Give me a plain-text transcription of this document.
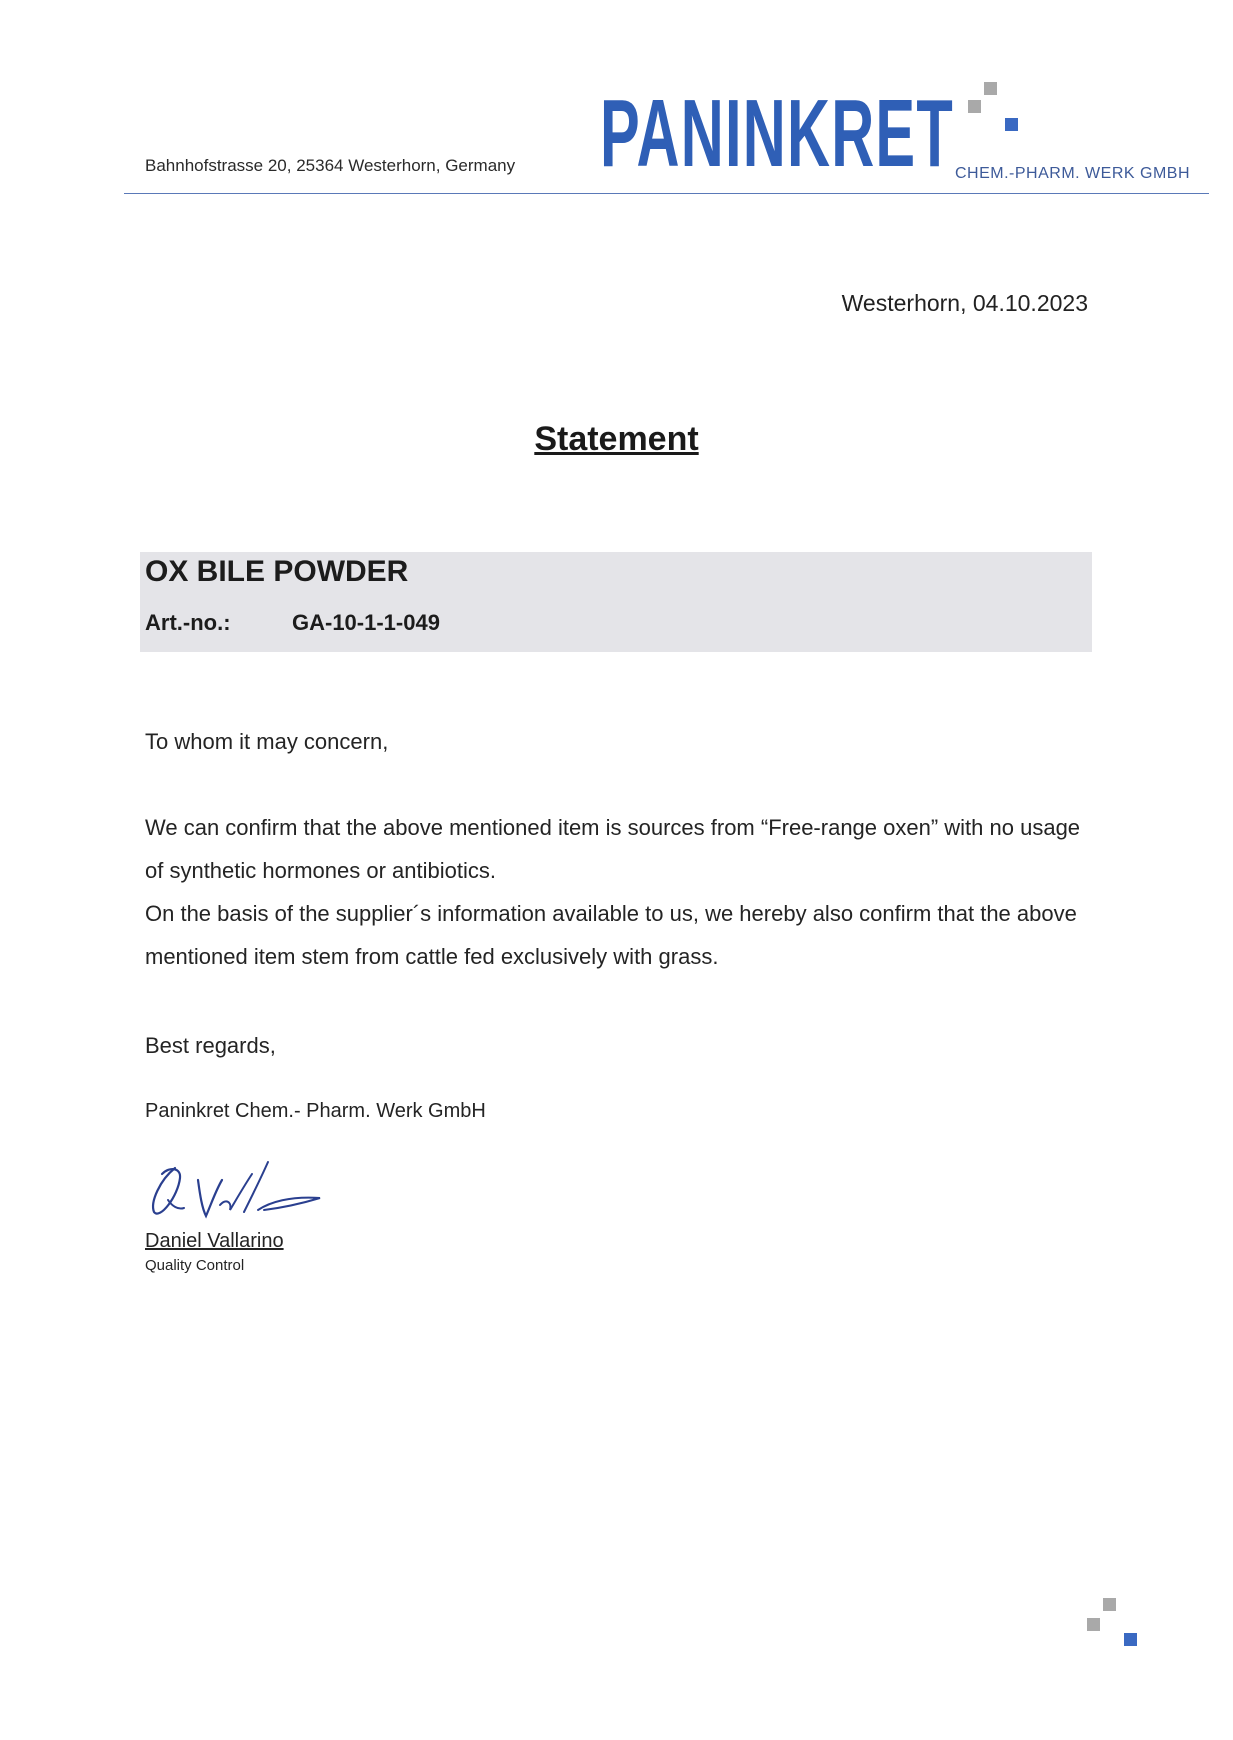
Bahnhofstrasse 20, 25364 Westerhorn, Germany PANINKRET CHEM.-PHARM. WERK GMBH
Westerhorn, 04.10.2023
Statement
OX BILE POWDER
Art.-no.:	GA-10-1-1-049
To whom it may concern,
We can confirm that the above mentioned item is sources from “Free-range oxen” with no usage of synthetic hormones or antibiotics.
On the basis of the supplier´s information available to us, we hereby also confirm that the above mentioned item stem from cattle fed exclusively with grass.
Best regards,
Paninkret Chem.- Pharm. Werk GmbH
Daniel Vallarino
Quality Control
